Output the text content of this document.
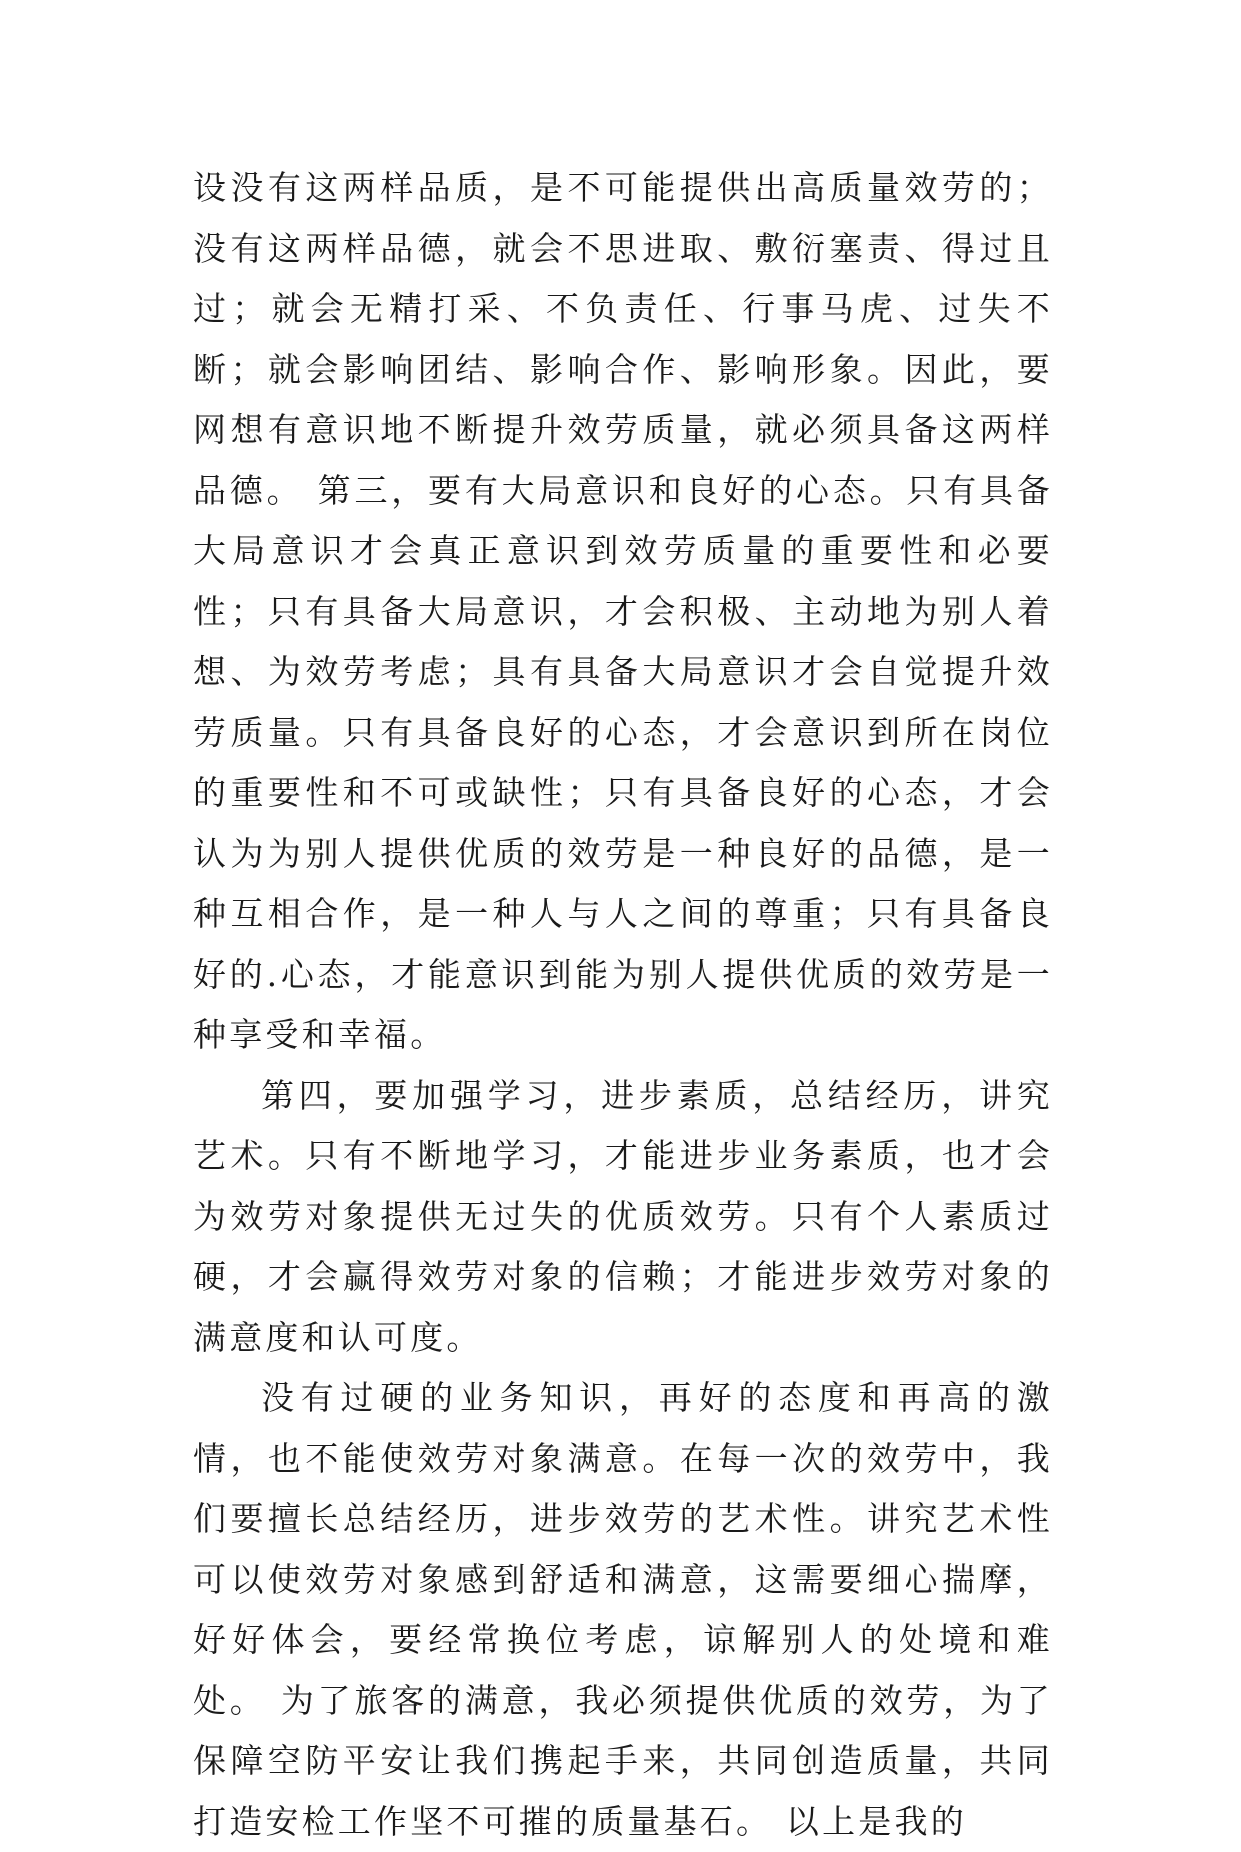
设没有这两样品质，是不可能提供出高质量效劳的；没有这两样品德，就会不思进取、敷衍塞责、得过且过；就会无精打采、不负责任、行事马虎、过失不断；就会影响团结、影响合作、影响形象。因此，要网想有意识地不断提升效劳质量，就必须具备这两样品德。 第三，要有大局意识和良好的心态。只有具备大局意识才会真正意识到效劳质量的重要性和必要性；只有具备大局意识，才会积极、主动地为别人着想、为效劳考虑；具有具备大局意识才会自觉提升效劳质量。只有具备良好的心态，才会意识到所在岗位的重要性和不可或缺性；只有具备良好的心态，才会认为为别人提供优质的效劳是一种良好的品德，是一种互相合作，是一种人与人之间的尊重；只有具备良好的.心态，才能意识到能为别人提供优质的效劳是一种享受和幸福。

第四，要加强学习，进步素质，总结经历，讲究艺术。只有不断地学习，才能进步业务素质，也才会为效劳对象提供无过失的优质效劳。只有个人素质过硬，才会赢得效劳对象的信赖；才能进步效劳对象的满意度和认可度。

没有过硬的业务知识，再好的态度和再高的激情，也不能使效劳对象满意。在每一次的效劳中，我们要擅长总结经历，进步效劳的艺术性。讲究艺术性可以使效劳对象感到舒适和满意，这需要细心揣摩，好好体会，要经常换位考虑，谅解别人的处境和难处。 为了旅客的满意，我必须提供优质的效劳，为了保障空防平安让我们携起手来，共同创造质量，共同打造安检工作坚不可摧的质量基石。 以上是我的
